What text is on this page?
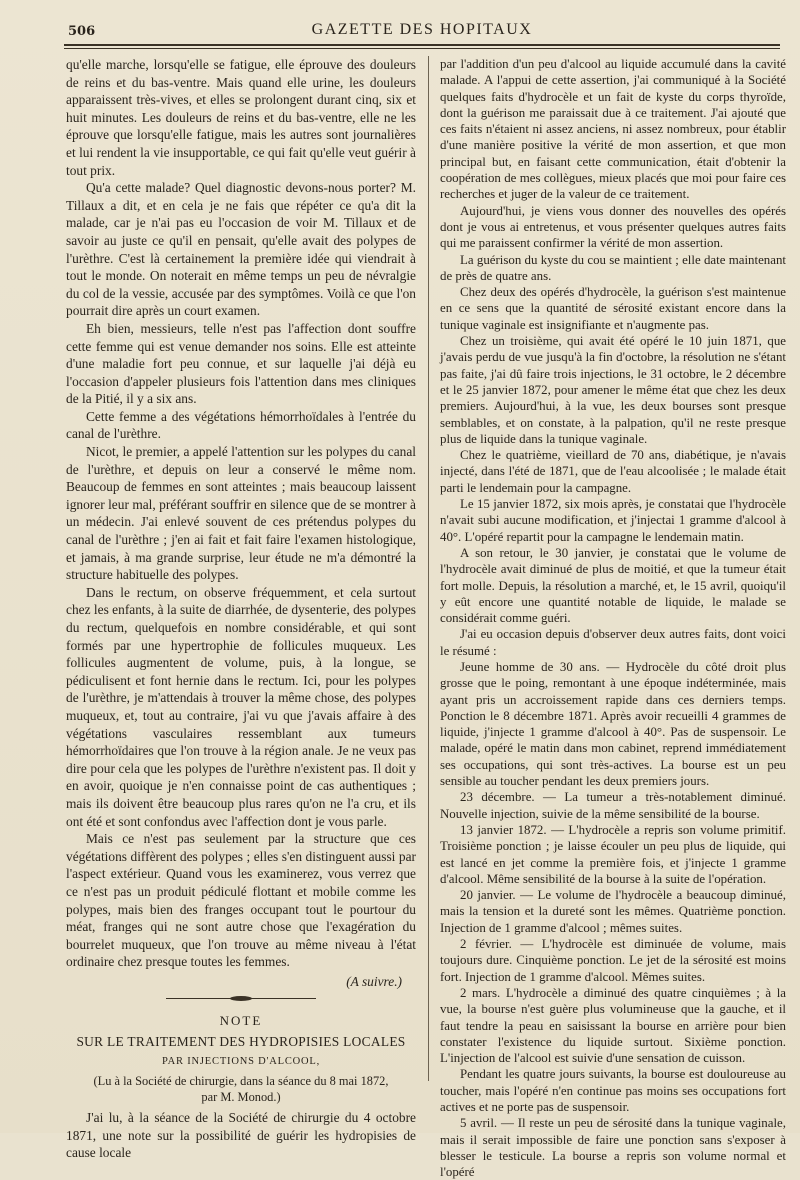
506	GAZETTE DES HOPITAUX

qu'elle marche, lorsqu'elle se fatigue, elle éprouve des douleurs de reins et du bas-ventre. Mais quand elle urine, les douleurs apparaissent très-vives, et elles se prolongent durant cinq, six et huit minutes. Les douleurs de reins et du bas-ventre, elle ne les éprouve que lorsqu'elle fatigue, mais les autres sont journalières et lui rendent la vie insupportable, ce qui fait qu'elle veut guérir à tout prix.

Qu'a cette malade? Quel diagnostic devons-nous porter? M. Tillaux a dit, et en cela je ne fais que répéter ce qu'a dit la malade, car je n'ai pas eu l'occasion de voir M. Tillaux et de savoir au juste ce qu'il en pensait, qu'elle avait des polypes de l'urèthre. C'est là certainement la première idée qui viendrait à tout le monde. On noterait en même temps un peu de névralgie du col de la vessie, accusée par des symptômes. Voilà ce que l'on pourrait dire après un court examen.

Eh bien, messieurs, telle n'est pas l'affection dont souffre cette femme qui est venue demander nos soins. Elle est atteinte d'une maladie fort peu connue, et sur laquelle j'ai déjà eu l'occasion d'appeler plusieurs fois l'attention dans mes cliniques de la Pitié, il y a six ans.

Cette femme a des végétations hémorrhoïdales à l'entrée du canal de l'urèthre.

Nicot, le premier, a appelé l'attention sur les polypes du canal de l'urèthre, et depuis on leur a conservé le même nom. Beaucoup de femmes en sont atteintes ; mais beaucoup laissent ignorer leur mal, préférant souffrir en silence que de se montrer à un médecin. J'ai enlevé souvent de ces prétendus polypes du canal de l'urèthre ; j'en ai fait et fait faire l'examen histologique, et jamais, à ma grande surprise, leur étude ne m'a démontré la structure habituelle des polypes.

Dans le rectum, on observe fréquemment, et cela surtout chez les enfants, à la suite de diarrhée, de dysenterie, des polypes du rectum, quelquefois en nombre considérable, et qui sont formés par une hypertrophie de follicules muqueux. Les follicules augmentent de volume, puis, à la longue, se pédiculisent et font hernie dans le rectum. Ici, pour les polypes de l'urèthre, je m'attendais à trouver la même chose, des polypes muqueux, et, tout au contraire, j'ai vu que j'avais affaire à des végétations vasculaires ressemblant aux tumeurs hémorrhoïdaires que l'on trouve à la région anale. Je ne veux pas dire pour cela que les polypes de l'urèthre n'existent pas. Il doit y en avoir, quoique je n'en connaisse point de cas authentiques ; mais ils doivent être beaucoup plus rares qu'on ne l'a cru, et ils ont été et sont confondus avec l'affection dont je vous parle.

Mais ce n'est pas seulement par la structure que ces végétations diffèrent des polypes ; elles s'en distinguent aussi par l'aspect extérieur. Quand vous les examinerez, vous verrez que ce n'est pas un produit pédiculé flottant et mobile comme les polypes, mais bien des franges occupant tout le pourtour du méat, franges qui ne sont autre chose que l'exagération du bourrelet muqueux, que l'on trouve au même niveau à l'état ordinaire chez presque toutes les femmes.

(A suivre.)
NOTE
SUR LE TRAITEMENT DES HYDROPISIES LOCALES
PAR INJECTIONS D'ALCOOL,
(Lu à la Société de chirurgie, dans la séance du 8 mai 1872,
par M. Monod.)

J'ai lu, à la séance de la Société de chirurgie du 4 octobre 1871, une note sur la possibilité de guérir les hydropisies de cause locale

par l'addition d'un peu d'alcool au liquide accumulé dans la cavité malade. A l'appui de cette assertion, j'ai communiqué à la Société quelques faits d'hydrocèle et un fait de kyste du corps thyroïde, dont la guérison me paraissait due à ce traitement. J'ai ajouté que ces faits n'étaient ni assez anciens, ni assez nombreux, pour établir d'une manière positive la vérité de mon assertion, et que mon principal but, en faisant cette communication, était d'obtenir la coopération de mes collègues, mieux placés que moi pour faire ces recherches et juger de la valeur de ce traitement.

Aujourd'hui, je viens vous donner des nouvelles des opérés dont je vous ai entretenus, et vous présenter quelques autres faits qui me paraissent confirmer la vérité de mon assertion.

La guérison du kyste du cou se maintient ; elle date maintenant de près de quatre ans.

Chez deux des opérés d'hydrocèle, la guérison s'est maintenue en ce sens que la quantité de sérosité existant encore dans la tunique vaginale est insignifiante et n'augmente pas.

Chez un troisième, qui avait été opéré le 10 juin 1871, que j'avais perdu de vue jusqu'à la fin d'octobre, la résolution ne s'étant pas faite, j'ai dû faire trois injections, le 31 octobre, le 2 décembre et le 25 janvier 1872, pour amener le même état que chez les deux premiers. Aujourd'hui, à la vue, les deux bourses sont presque semblables, et on constate, à la palpation, qu'il ne reste presque plus de liquide dans la tunique vaginale.

Chez le quatrième, vieillard de 70 ans, diabétique, je n'avais injecté, dans l'été de 1871, que de l'eau alcoolisée ; le malade était parti le lendemain pour la campagne.

Le 15 janvier 1872, six mois après, je constatai que l'hydrocèle n'avait subi aucune modification, et j'injectai 1 gramme d'alcool à 40°. L'opéré repartit pour la campagne le lendemain matin.

A son retour, le 30 janvier, je constatai que le volume de l'hydrocèle avait diminué de plus de moitié, et que la tumeur était fort molle. Depuis, la résolution a marché, et, le 15 avril, quoiqu'il y eût encore une quantité notable de liquide, le malade se considérait comme guéri.

J'ai eu occasion depuis d'observer deux autres faits, dont voici le résumé :

Jeune homme de 30 ans. — Hydrocèle du côté droit plus grosse que le poing, remontant à une époque indéterminée, mais ayant pris un accroissement rapide dans ces derniers temps. Ponction le 8 décembre 1871. Après avoir recueilli 4 grammes de liquide, j'injecte 1 gramme d'alcool à 40°. Pas de suspensoir. Le malade, opéré le matin dans mon cabinet, reprend immédiatement ses occupations, qui sont très-actives. La bourse est un peu sensible au toucher pendant les deux premiers jours.

23 décembre. — La tumeur a très-notablement diminué. Nouvelle injection, suivie de la même sensibilité de la bourse.

13 janvier 1872. — L'hydrocèle a repris son volume primitif. Troisième ponction ; je laisse écouler un peu plus de liquide, qui est lancé en jet comme la première fois, et j'injecte 1 gramme d'alcool. Même sensibilité de la bourse à la suite de l'opération.

20 janvier. — Le volume de l'hydrocèle a beaucoup diminué, mais la tension et la dureté sont les mêmes. Quatrième ponction. Injection de 1 gramme d'alcool ; mêmes suites.

2 février. — L'hydrocèle est diminuée de volume, mais toujours dure. Cinquième ponction. Le jet de la sérosité est moins fort. Injection de 1 gramme d'alcool. Mêmes suites.

2 mars. L'hydrocèle a diminué des quatre cinquièmes ; à la vue, la bourse n'est guère plus volumineuse que la gauche, et il faut tendre la peau en saisissant la bourse en arrière pour bien constater l'existence du liquide surtout. Sixième ponction. L'injection de l'alcool est suivie d'une sensation de cuisson.

Pendant les quatre jours suivants, la bourse est douloureuse au toucher, mais l'opéré n'en continue pas moins ses occupations fort actives et ne porte pas de suspensoir.

5 avril. — Il reste un peu de sérosité dans la tunique vaginale, mais il serait impossible de faire une ponction sans s'exposer à blesser le testicule. La bourse a repris son volume normal et l'opéré
